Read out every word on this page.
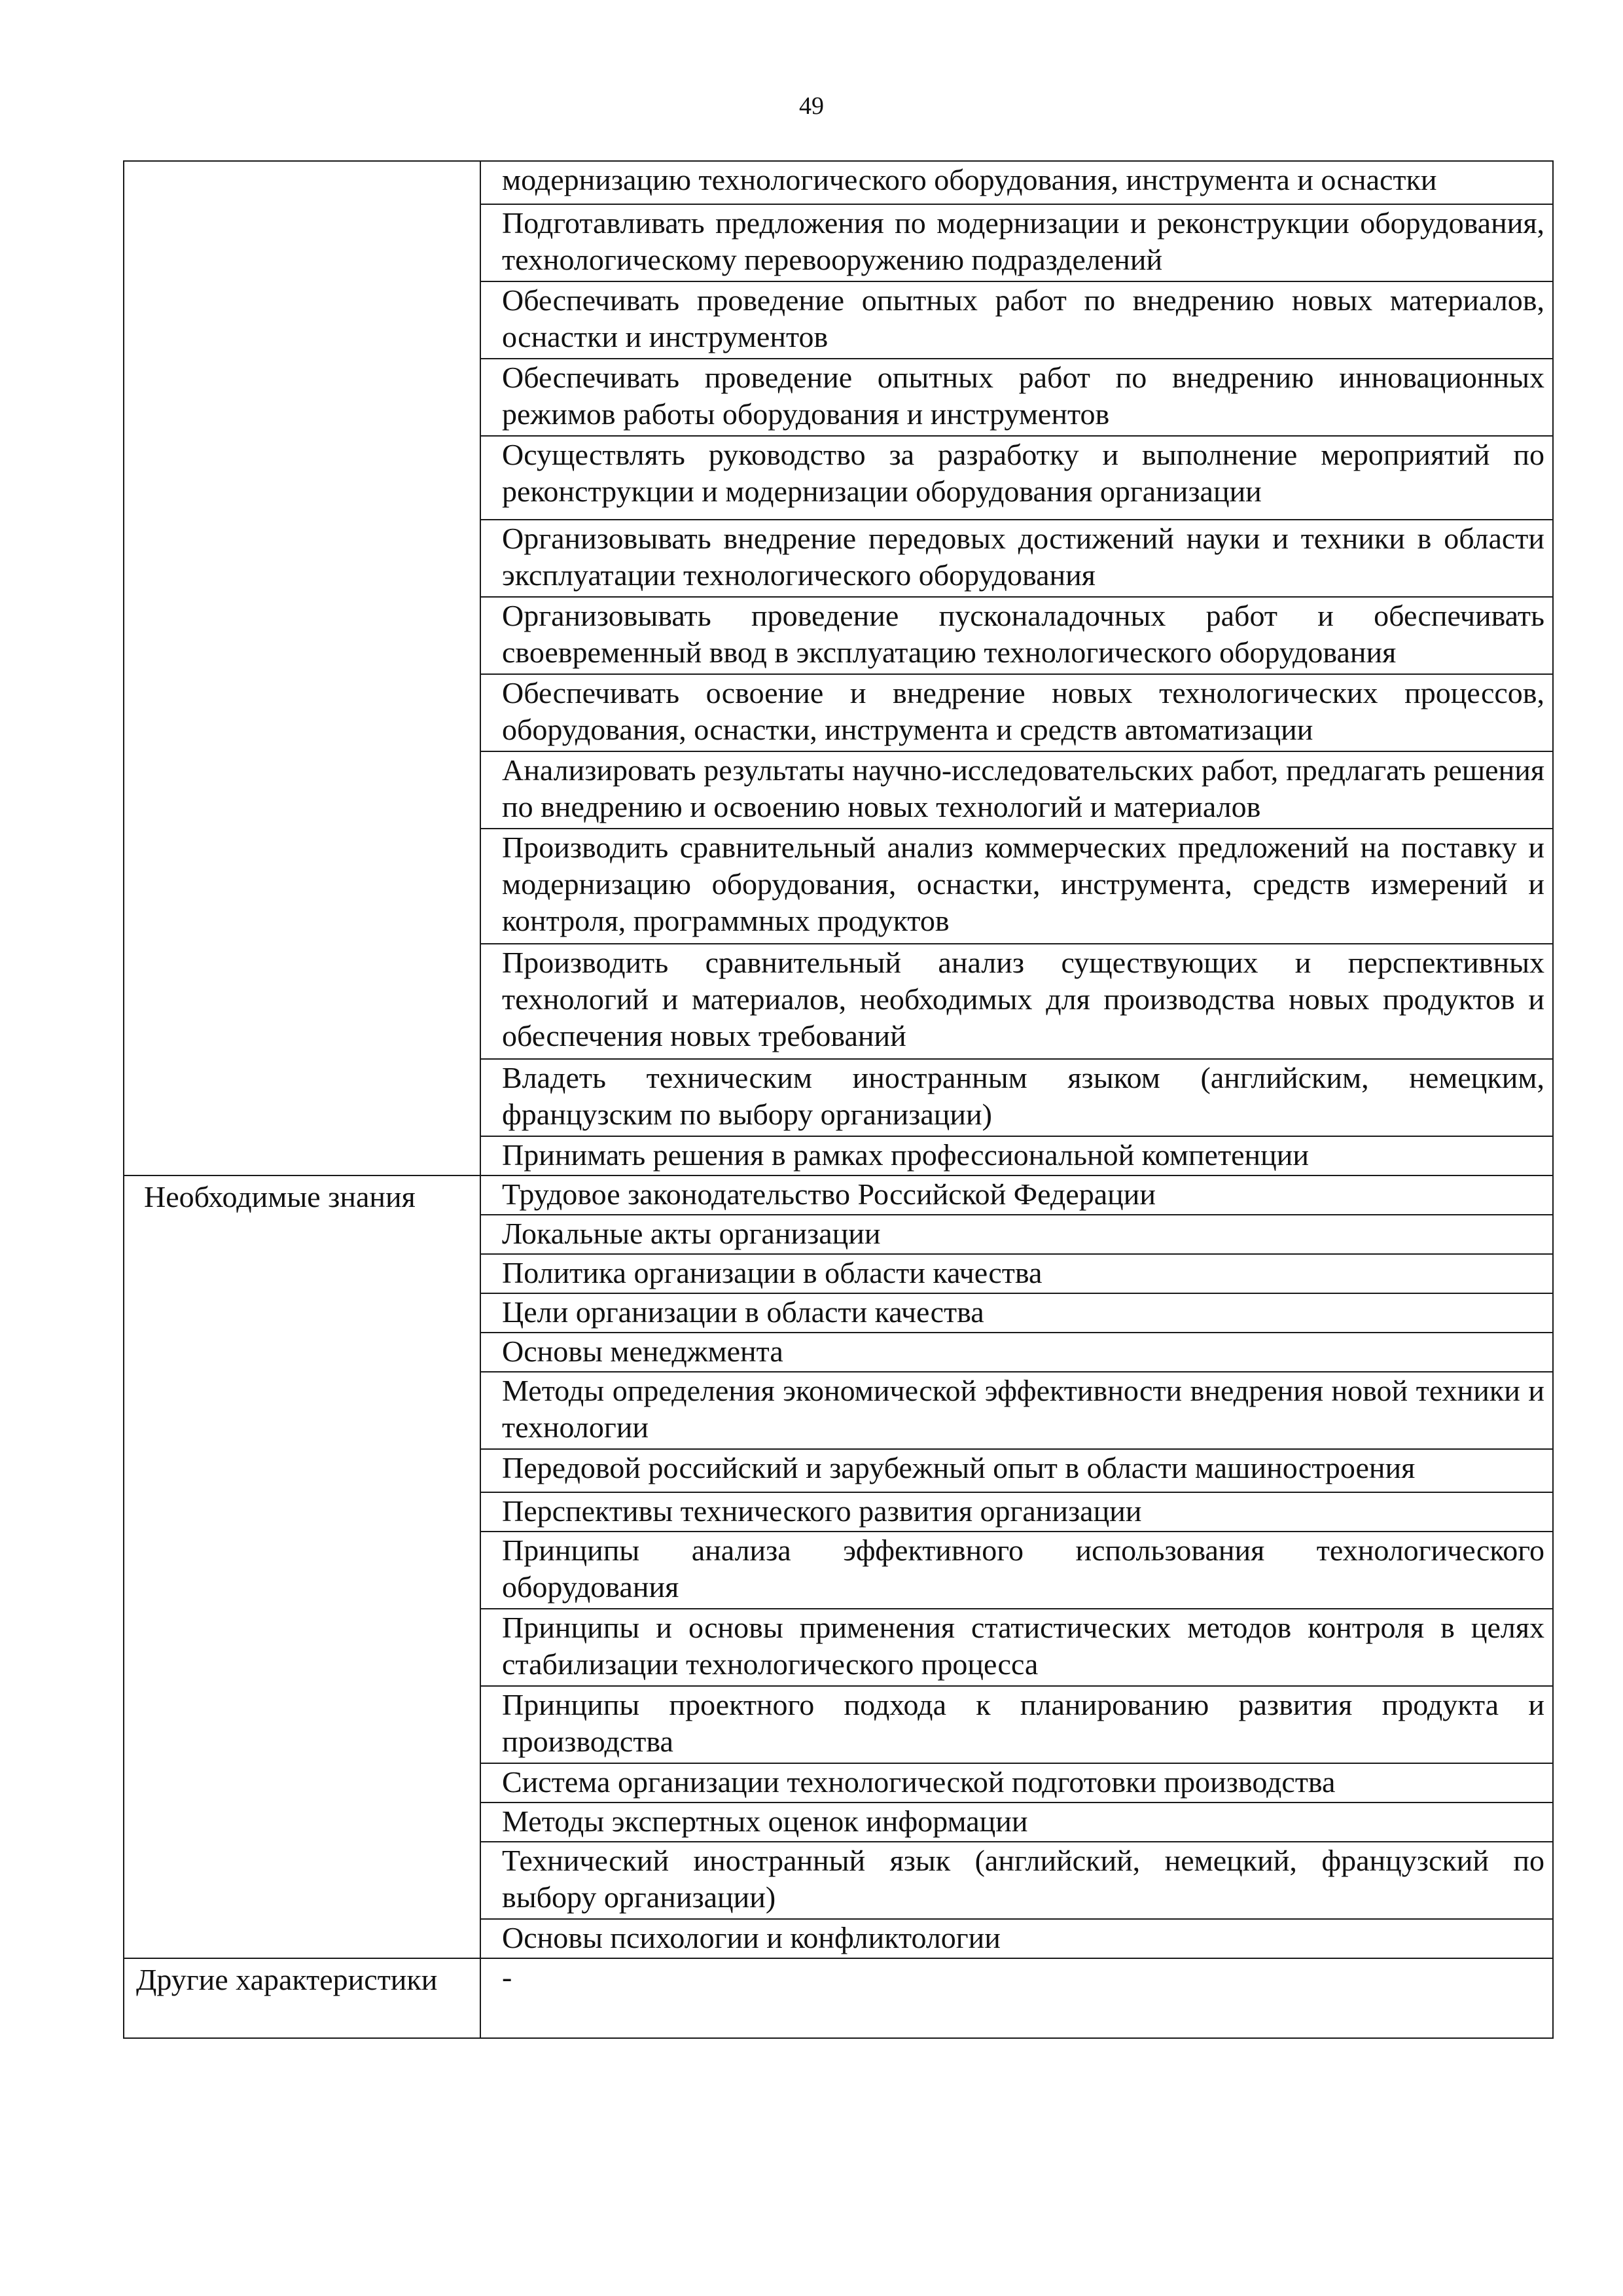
49
	модернизацию технологического оборудования, инструмента и оснастки
	Подготавливать предложения по модернизации и реконструкции оборудования, технологическому перевооружению подразделений
	Обеспечивать проведение опытных работ по внедрению новых материалов, оснастки и инструментов
	Обеспечивать проведение опытных работ по внедрению инновационных режимов работы оборудования и инструментов
	Осуществлять руководство за разработку и выполнение мероприятий по реконструкции и модернизации оборудования организации
	Организовывать внедрение передовых достижений науки и техники в области эксплуатации технологического оборудования
	Организовывать проведение пусконаладочных работ и обеспечивать своевременный ввод в эксплуатацию технологического оборудования
	Обеспечивать освоение и внедрение новых технологических процессов, оборудования, оснастки, инструмента и средств автоматизации
	Анализировать результаты научно-исследовательских работ, предлагать решения по внедрению и освоению новых технологий и материалов
	Производить сравнительный анализ коммерческих предложений на поставку и модернизацию оборудования, оснастки, инструмента, средств измерений и контроля, программных продуктов
	Производить сравнительный анализ существующих и перспективных технологий и материалов, необходимых для производства новых продуктов и обеспечения новых требований
	Владеть техническим иностранным языком (английским, немецким, французским по выбору организации)
	Принимать решения в рамках профессиональной компетенции

Необходимые знания	Трудовое законодательство Российской Федерации
	Локальные акты организации
	Политика организации в области качества
	Цели организации в области качества
	Основы менеджмента
	Методы определения экономической эффективности внедрения новой техники и технологии
	Передовой российский и зарубежный опыт в области машиностроения
	Перспективы технического развития организации
	Принципы анализа эффективного использования технологического оборудования
	Принципы и основы применения статистических методов контроля в целях стабилизации технологического процесса
	Принципы проектного подхода к планированию развития продукта и производства
	Система организации технологической подготовки производства
	Методы экспертных оценок информации
	Технический иностранный язык (английский, немецкий, французский по выбору организации)
	Основы психологии и конфликтологии

Другие характеристики	-
